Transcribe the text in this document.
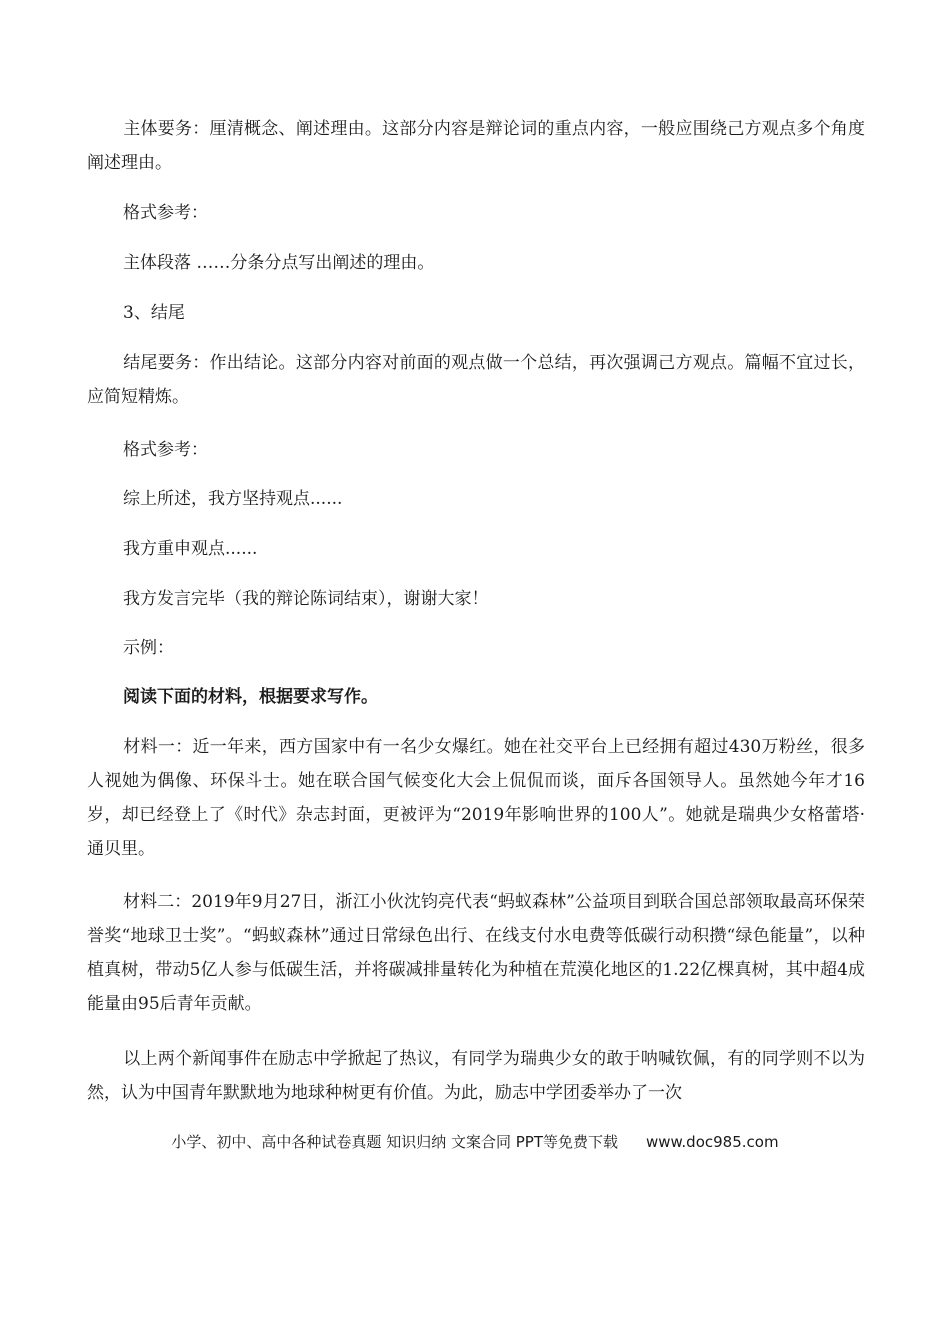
主体要务：厘清概念、阐述理由。这部分内容是辩论词的重点内容，一般应围绕己方观点多个角度阐述理由。

格式参考：

主体段落 ……分条分点写出阐述的理由。

3、结尾

结尾要务：作出结论。这部分内容对前面的观点做一个总结，再次强调己方观点。篇幅不宜过长，应简短精炼。

格式参考：

综上所述，我方坚持观点......

我方重申观点......

我方发言完毕（我的辩论陈词结束），谢谢大家！

示例：

阅读下面的材料，根据要求写作。

材料一：近一年来，西方国家中有一名少女爆红。她在社交平台上已经拥有超过430万粉丝，很多人视她为偶像、环保斗士。她在联合国气候变化大会上侃侃而谈，面斥各国领导人。虽然她今年才16岁，却已经登上了《时代》杂志封面，更被评为“2019年影响世界的100人”。她就是瑞典少女格蕾塔·通贝里。

材料二：2019年9月27日，浙江小伙沈钧亮代表“蚂蚁森林”公益项目到联合国总部领取最高环保荣誉奖“地球卫士奖”。“蚂蚁森林”通过日常绿色出行、在线支付水电费等低碳行动积攒“绿色能量”，以种植真树，带动5亿人参与低碳生活，并将碳减排量转化为种植在荒漠化地区的1.22亿棵真树，其中超4成能量由95后青年贡献。

以上两个新闻事件在励志中学掀起了热议，有同学为瑞典少女的敢于呐喊钦佩，有的同学则不以为然，认为中国青年默默地为地球种树更有价值。为此，励志中学团委举办了一次

小学、初中、高中各种试卷真题 知识归纳 文案合同 PPT等免费下载 www.doc985.com
